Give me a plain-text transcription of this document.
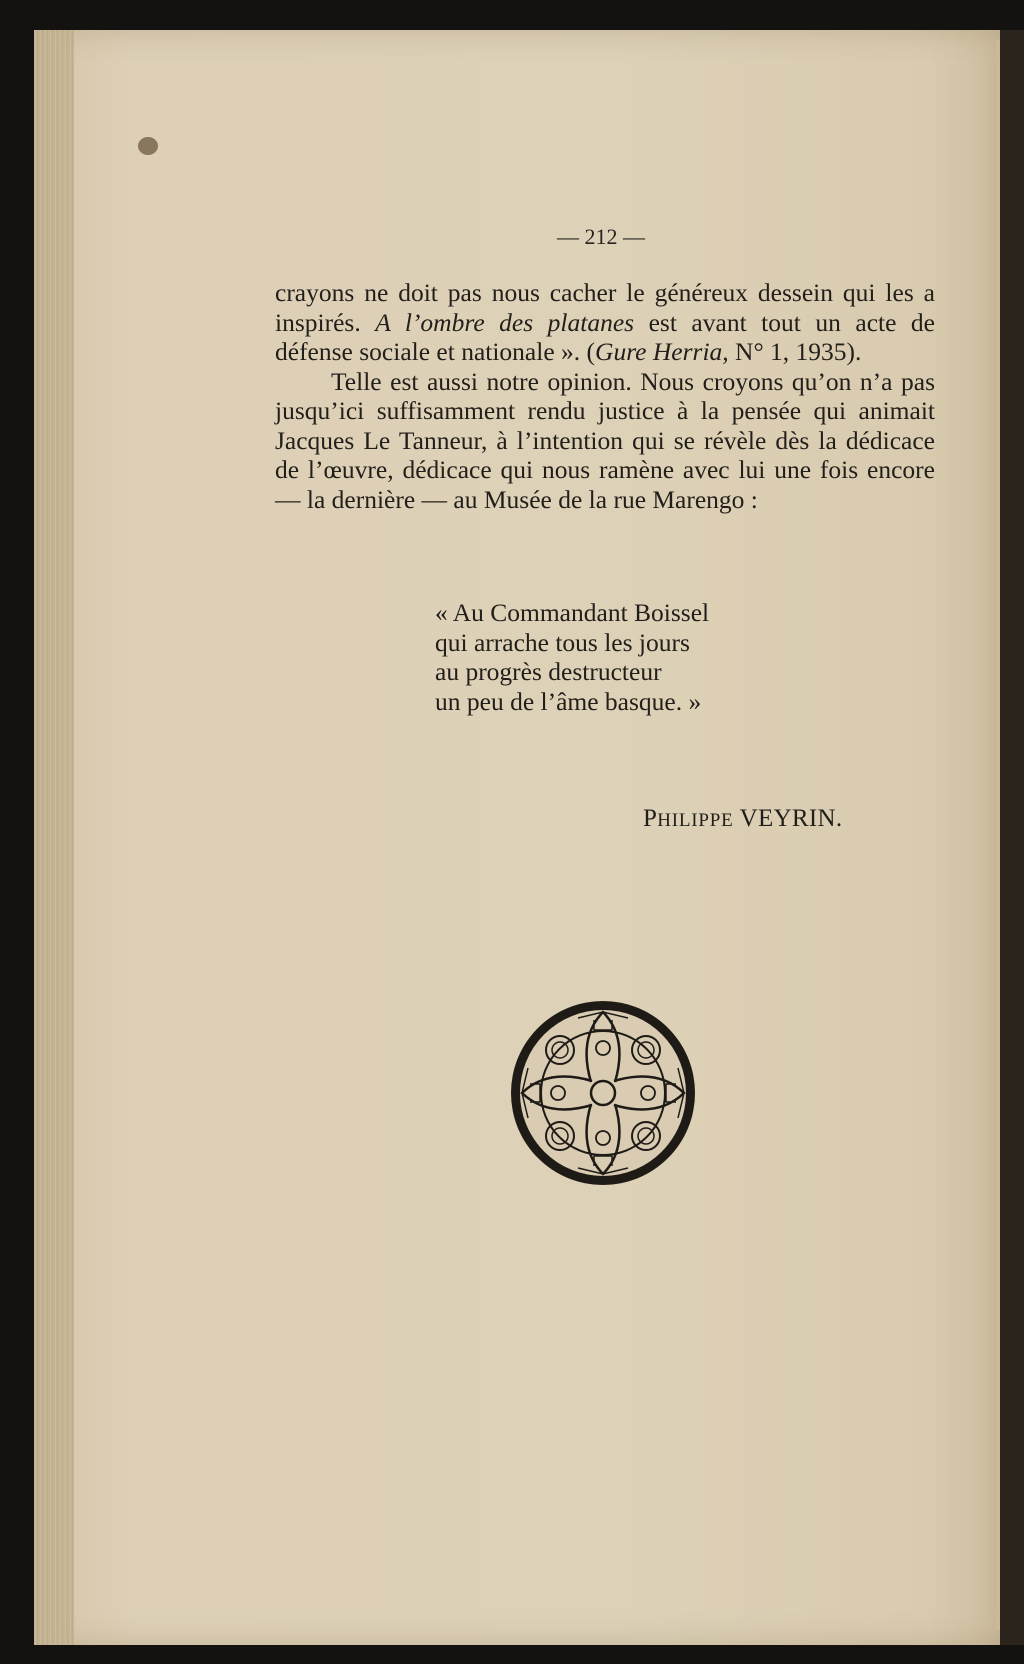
— 212 —

crayons ne doit pas nous cacher le généreux dessein qui les a inspirés. A l’ombre des platanes est avant tout un acte de défense sociale et nationale ». (Gure Herria, N° 1, 1935).

Telle est aussi notre opinion. Nous croyons qu’on n’a pas jusqu’ici suffisamment rendu justice à la pensée qui animait Jacques Le Tanneur, à l’intention qui se révèle dès la dédicace de l’œuvre, dédicace qui nous ramène avec lui une fois encore — la dernière — au Musée de la rue Marengo :

« Au Commandant Boissel
qui arrache tous les jours
au progrès destructeur
un peu de l’âme basque. »
PHILIPPE VEYRIN.
